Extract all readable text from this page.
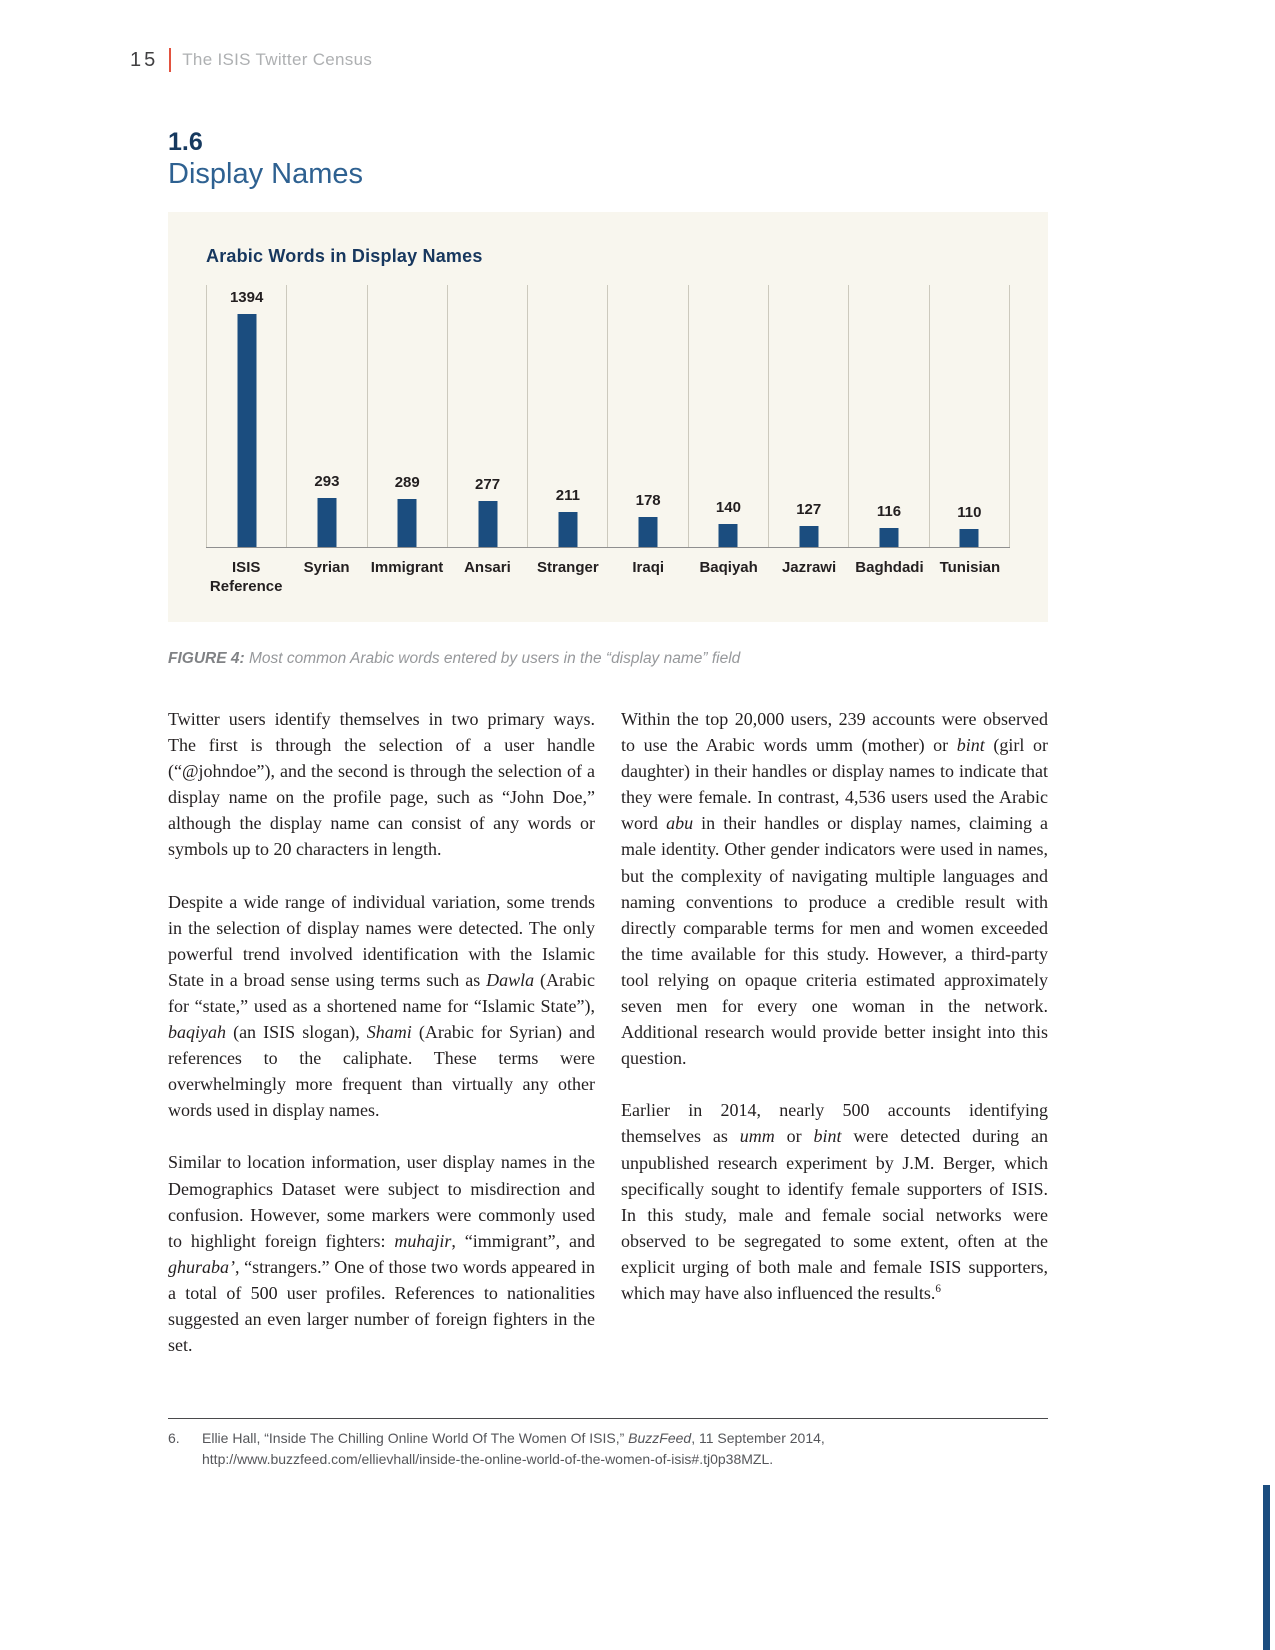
15 The ISIS Twitter Census
1.6
Display Names
Arabic Words in Display Names
1394
293	289	277
211	178	140	127	116	110
ISIS Reference
Syrian	Immigrant	Ansari	Stranger	Iraqi	Baqiyah	Jazrawi	Baghdadi	Tunisian

FIGURE 4: Most common Arabic words entered by users in the “display name” field

Twitter users identify themselves in two primary ways. The first is through the selection of a user handle (“@johndoe”), and the second is through the selection of a display name on the profile page, such as “John Doe,” although the display name can consist of any words or symbols up to 20 characters in length.

Despite a wide range of individual variation, some trends in the selection of display names were detected. The only powerful trend involved identification with the Islamic State in a broad sense using terms such as Dawla (Arabic for “state,” used as a shortened name for “Islamic State”), baqiyah (an ISIS slogan), Shami (Arabic for Syrian) and references to the caliphate. These terms were overwhelmingly more frequent than virtually any other words used in display names.

Similar to location information, user display names in the Demographics Dataset were subject to misdirection and confusion. However, some markers were commonly used to highlight foreign fighters: muhajir, “immigrant”, and ghuraba’, “strangers.” One of those two words appeared in a total of 500 user profiles. References to nationalities suggested an even larger number of foreign fighters in the set.

Within the top 20,000 users, 239 accounts were observed to use the Arabic words umm (mother) or bint (girl or daughter) in their handles or display names to indicate that they were female. In contrast, 4,536 users used the Arabic word abu in their handles or display names, claiming a male identity. Other gender indicators were used in names, but the complexity of navigating multiple languages and naming conventions to produce a credible result with directly comparable terms for men and women exceeded the time available for this study. However, a third-party tool relying on opaque criteria estimated approximately seven men for every one woman in the network. Additional research would provide better insight into this question.

Earlier in 2014, nearly 500 accounts identifying themselves as umm or bint were detected during an unpublished research experiment by J.M. Berger, which specifically sought to identify female supporters of ISIS. In this study, male and female social networks were observed to be segregated to some extent, often at the explicit urging of both male and female ISIS supporters, which may have also influenced the results.$^6$

6.	Ellie Hall, “Inside The Chilling Online World Of The Women Of ISIS,” BuzzFeed, 11 September 2014, http://www.buzzfeed.com/ellievhall/inside-the-online-world-of-the-women-of-isis#.tj0p38MZL.
